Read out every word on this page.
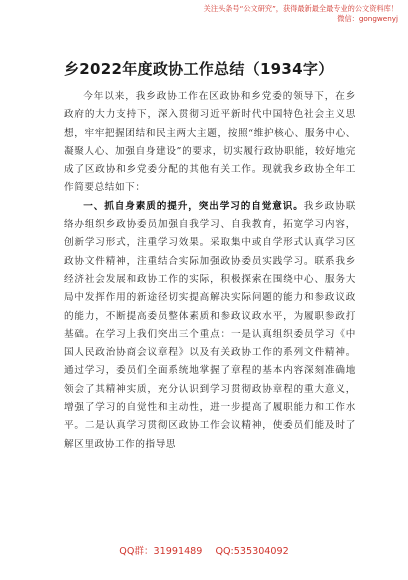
关注头条号“公文研究”，获得最新最全最专业的公文资料库！ 微信：gongwenyj
乡2022年度政协工作总结（1934字）

今年以来，我乡政协工作在区政协和乡党委的领导下，在乡政府的大力支持下，深入贯彻习近平新时代中国特色社会主义思想，牢牢把握团结和民主两大主题，按照“维护核心、服务中心、凝聚人心、加强自身建设”的要求，切实履行政协职能，较好地完成了区政协和乡党委分配的其他有关工作。现就我乡政协全年工作简要总结如下：

一、抓自身素质的提升，突出学习的自觉意识。我乡政协联络办组织乡政协委员加强自我学习、自我教育，拓宽学习内容，创新学习形式，注重学习效果。采取集中或自学形式认真学习区政协文件精神，注重结合实际加强政协委员实践学习。联系我乡经济社会发展和政协工作的实际，积极探索在围绕中心、服务大局中发挥作用的新途径切实提高解决实际问题的能力和参政议政的能力，不断提高委员整体素质和参政议政水平，为履职参政打基础。在学习上我们突出三个重点：一是认真组织委员学习《中国人民政治协商会议章程》以及有关政协工作的系列文件精神。通过学习，委员们全面系统地掌握了章程的基本内容深刻准确地领会了其精神实质，充分认识到学习贯彻政协章程的重大意义，增强了学习的自觉性和主动性，进一步提高了履职能力和工作水平。二是认真学习贯彻区政协工作会议精神，使委员们能及时了解区里政协工作的指导思

QQ群：31991489 QQ:535304092
